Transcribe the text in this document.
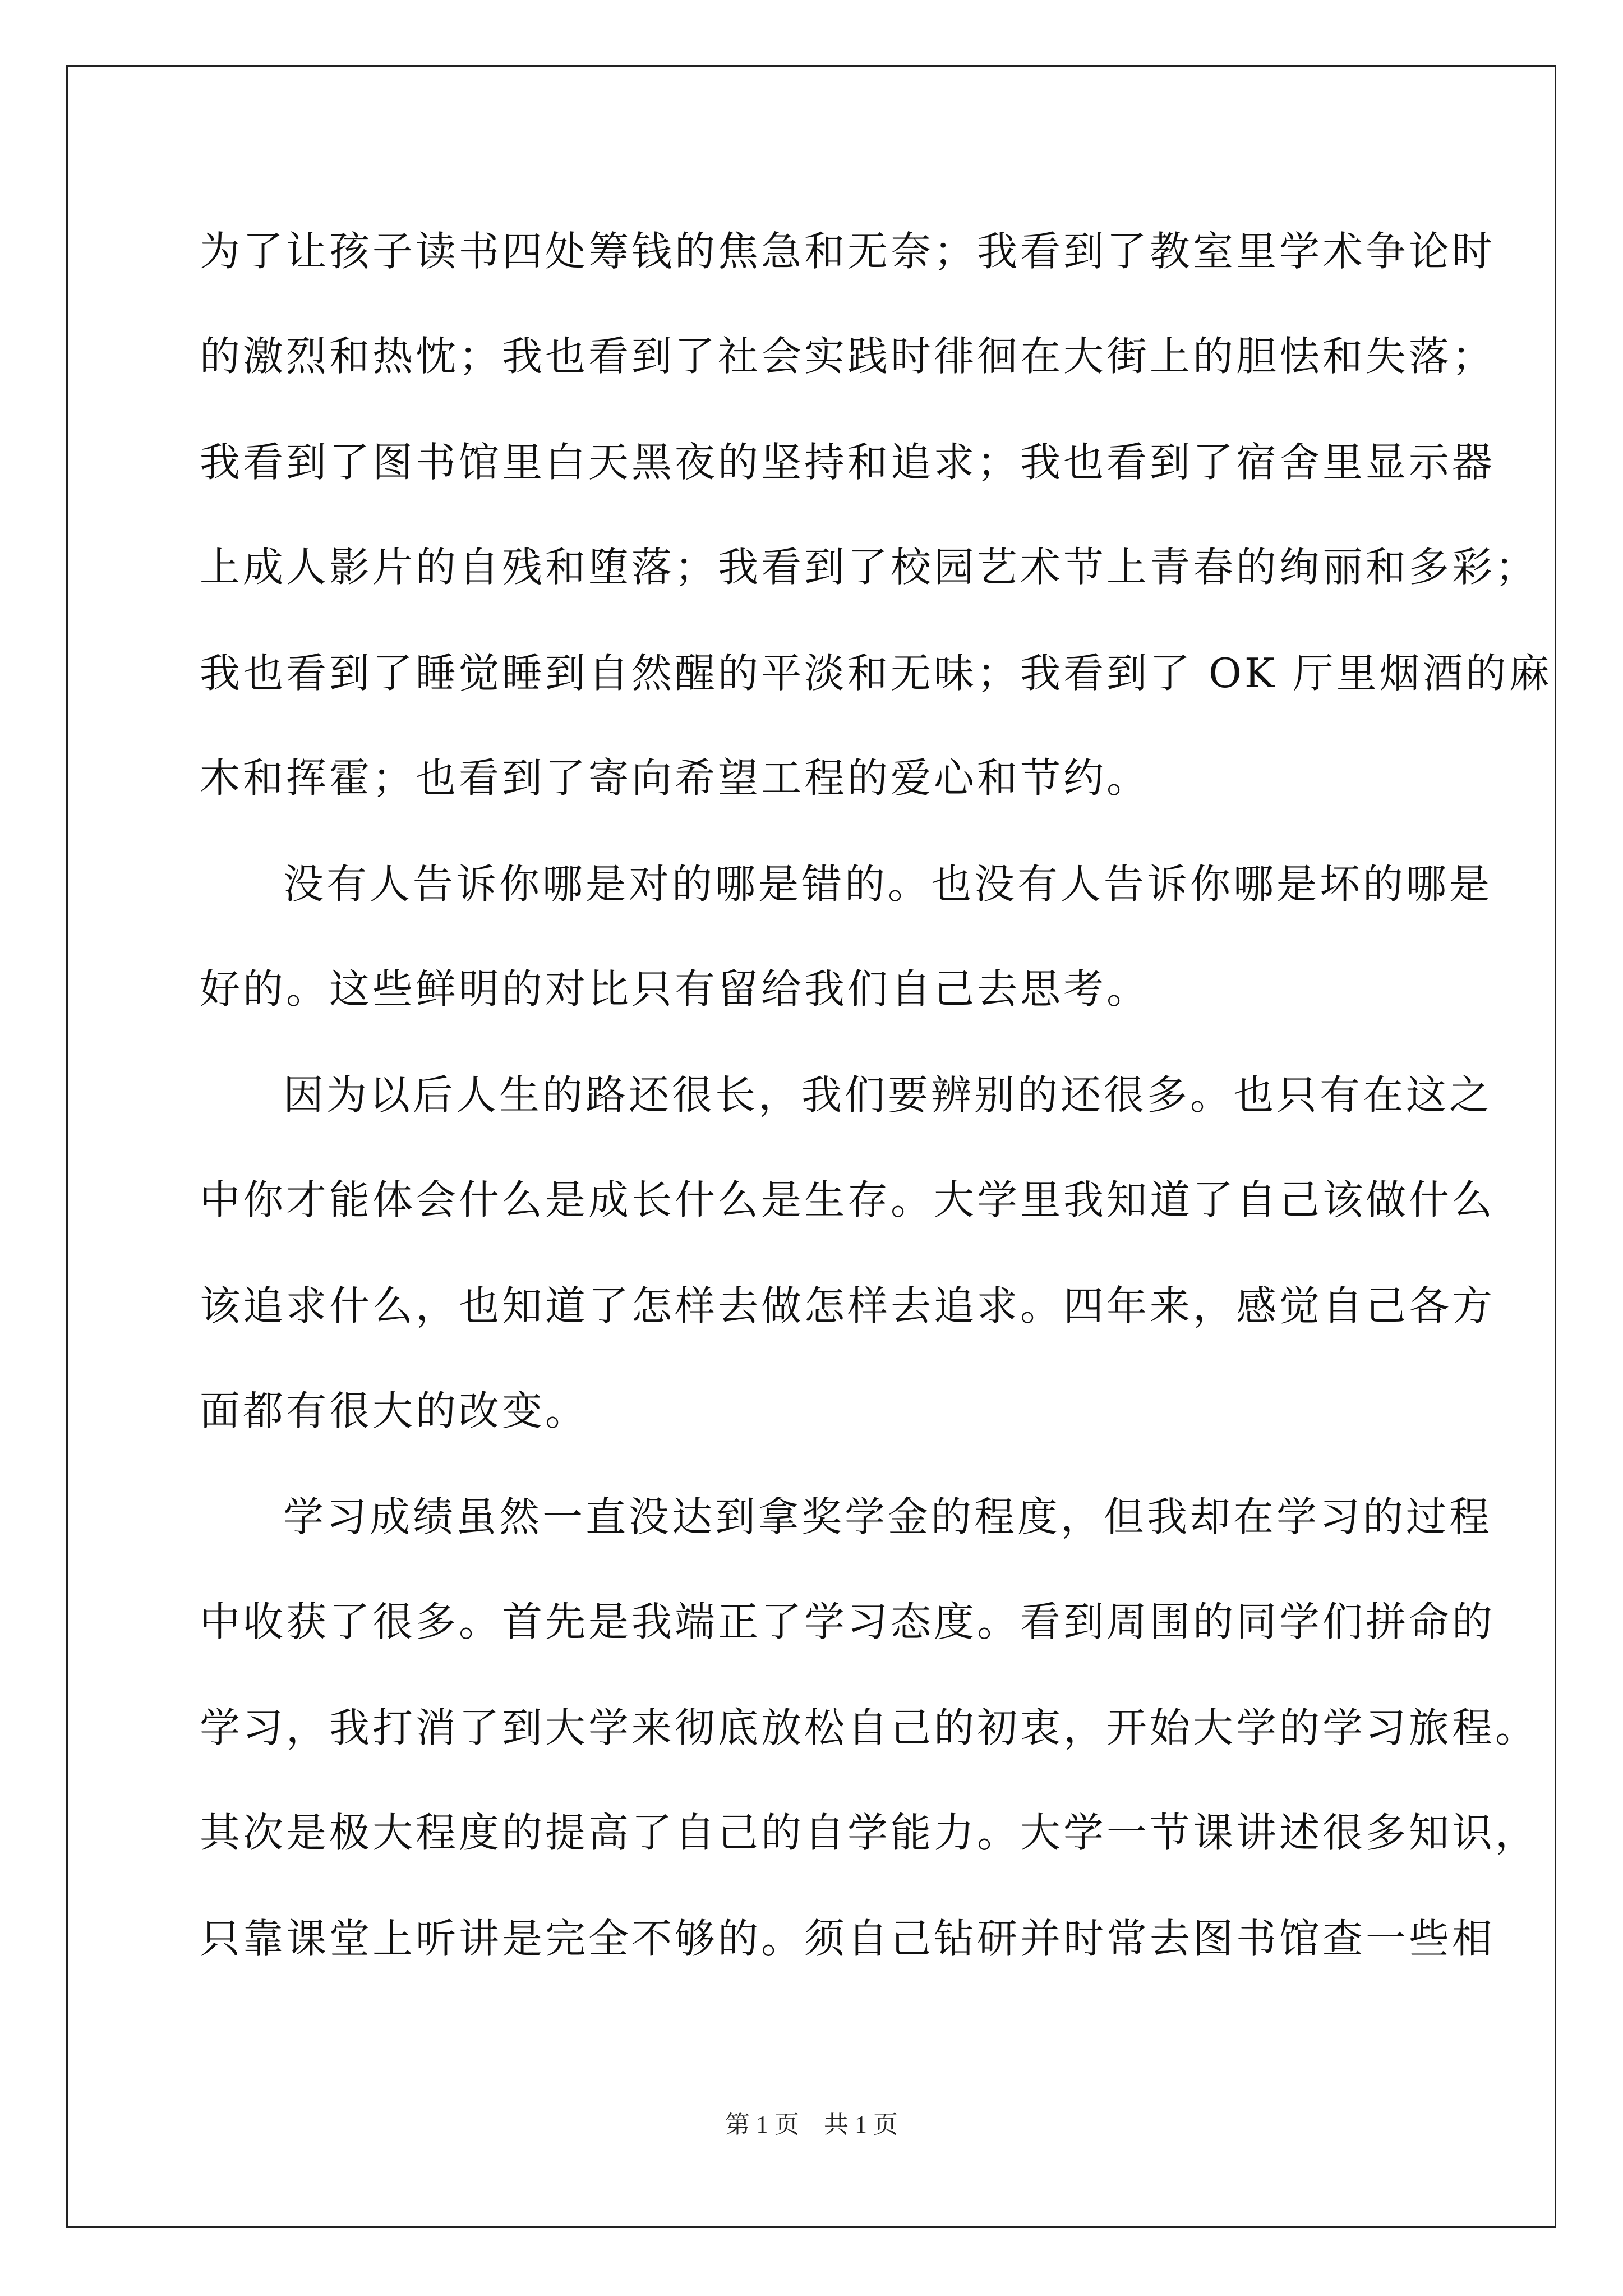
为了让孩子读书四处筹钱的焦急和无奈；我看到了教室里学术争论时
的激烈和热忱；我也看到了社会实践时徘徊在大街上的胆怯和失落；
我看到了图书馆里白天黑夜的坚持和追求；我也看到了宿舍里显示器
上成人影片的自残和堕落；我看到了校园艺术节上青春的绚丽和多彩；
我也看到了睡觉睡到自然醒的平淡和无味；我看到了 OK 厅里烟酒的麻
木和挥霍；也看到了寄向希望工程的爱心和节约。
没有人告诉你哪是对的哪是错的。也没有人告诉你哪是坏的哪是
好的。这些鲜明的对比只有留给我们自己去思考。
因为以后人生的路还很长，我们要辨别的还很多。也只有在这之
中你才能体会什么是成长什么是生存。大学里我知道了自己该做什么
该追求什么，也知道了怎样去做怎样去追求。四年来，感觉自己各方
面都有很大的改变。
学习成绩虽然一直没达到拿奖学金的程度，但我却在学习的过程
中收获了很多。首先是我端正了学习态度。看到周围的同学们拼命的
学习，我打消了到大学来彻底放松自己的初衷，开始大学的学习旅程。
其次是极大程度的提高了自己的自学能力。大学一节课讲述很多知识，
只靠课堂上听讲是完全不够的。须自己钻研并时常去图书馆查一些相
第 1 页　共 1 页
